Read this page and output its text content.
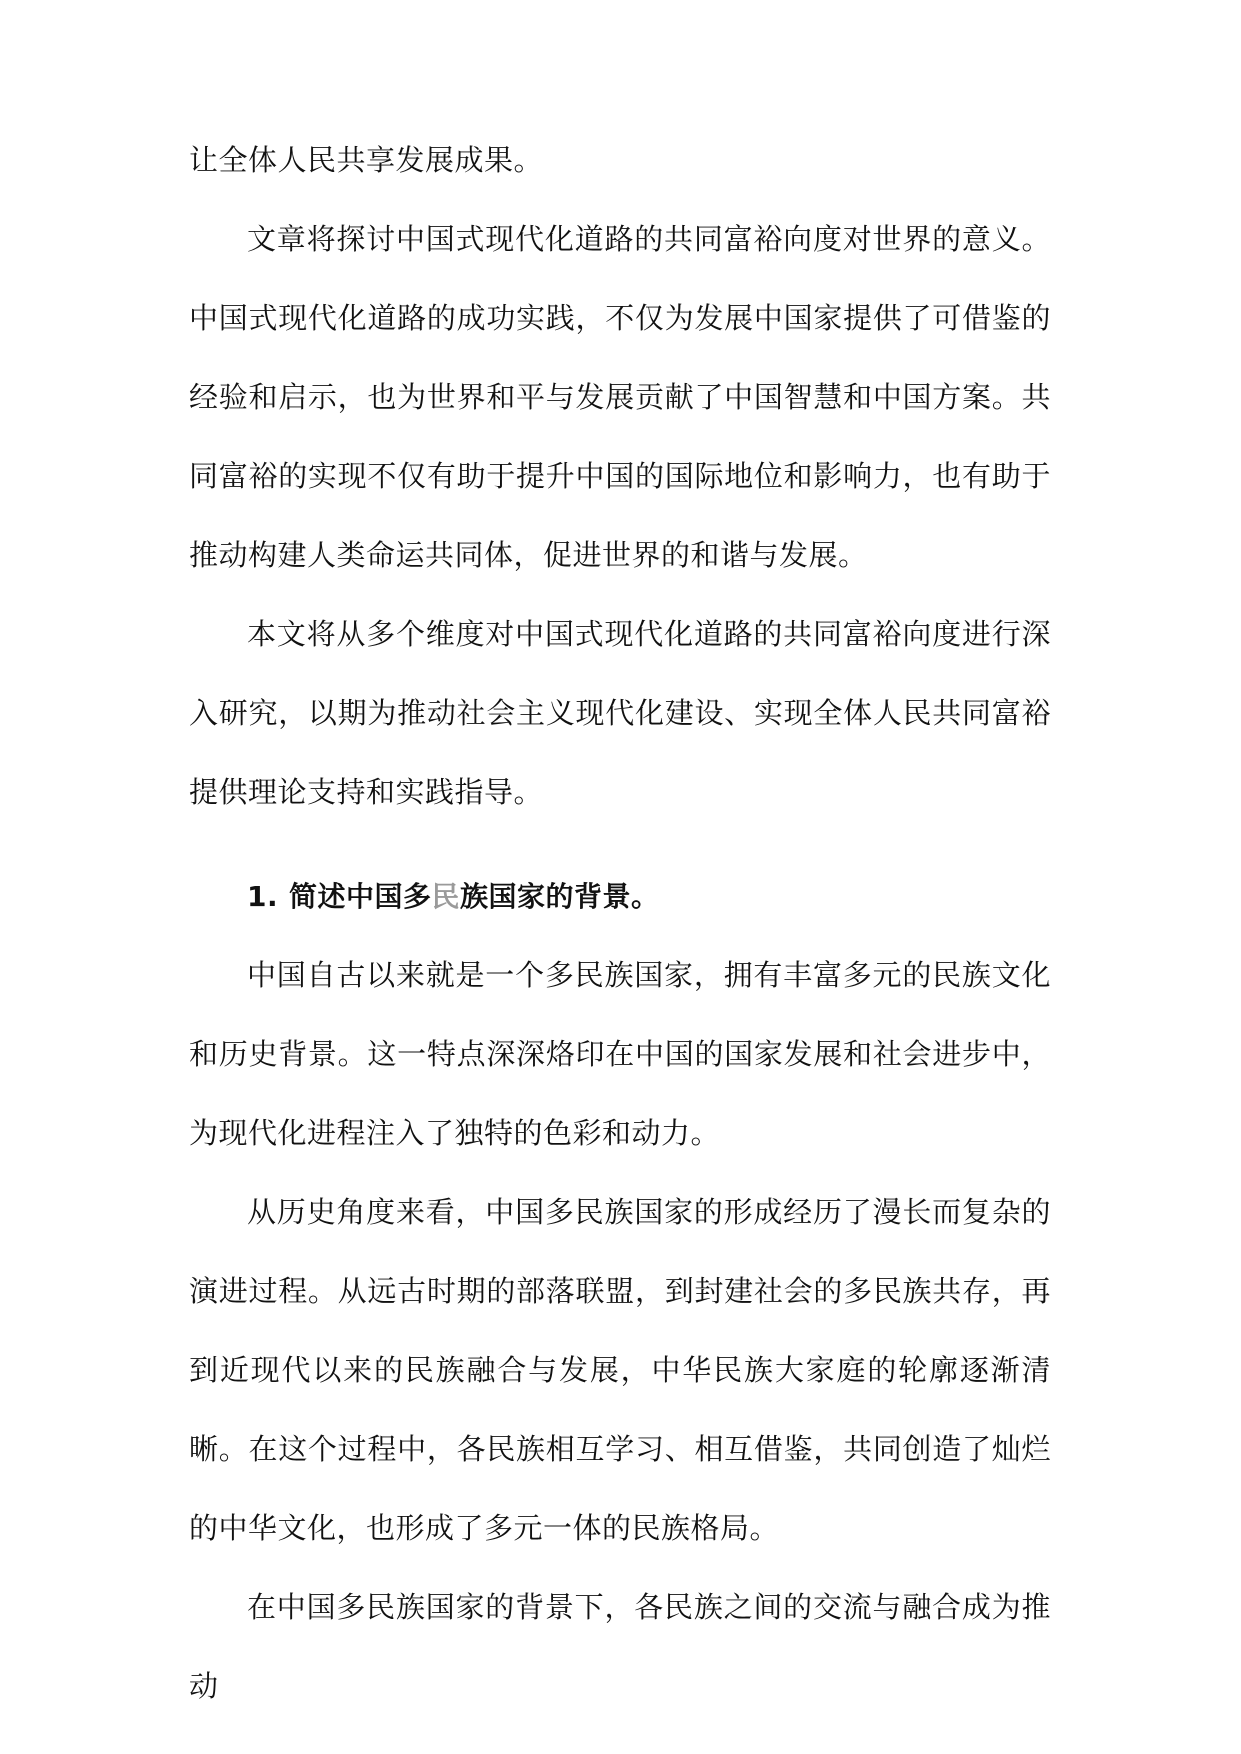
让全体人民共享发展成果。

文章将探讨中国式现代化道路的共同富裕向度对世界的意义。中国式现代化道路的成功实践，不仅为发展中国家提供了可借鉴的经验和启示，也为世界和平与发展贡献了中国智慧和中国方案。共同富裕的实现不仅有助于提升中国的国际地位和影响力，也有助于推动构建人类命运共同体，促进世界的和谐与发展。

本文将从多个维度对中国式现代化道路的共同富裕向度进行深入研究，以期为推动社会主义现代化建设、实现全体人民共同富裕提供理论支持和实践指导。

1. 简述中国多民族国家的背景。

中国自古以来就是一个多民族国家，拥有丰富多元的民族文化和历史背景。这一特点深深烙印在中国的国家发展和社会进步中，为现代化进程注入了独特的色彩和动力。

从历史角度来看，中国多民族国家的形成经历了漫长而复杂的演进过程。从远古时期的部落联盟，到封建社会的多民族共存，再到近现代以来的民族融合与发展，中华民族大家庭的轮廓逐渐清晰。在这个过程中，各民族相互学习、相互借鉴，共同创造了灿烂的中华文化，也形成了多元一体的民族格局。

在中国多民族国家的背景下，各民族之间的交流与融合成为推动
